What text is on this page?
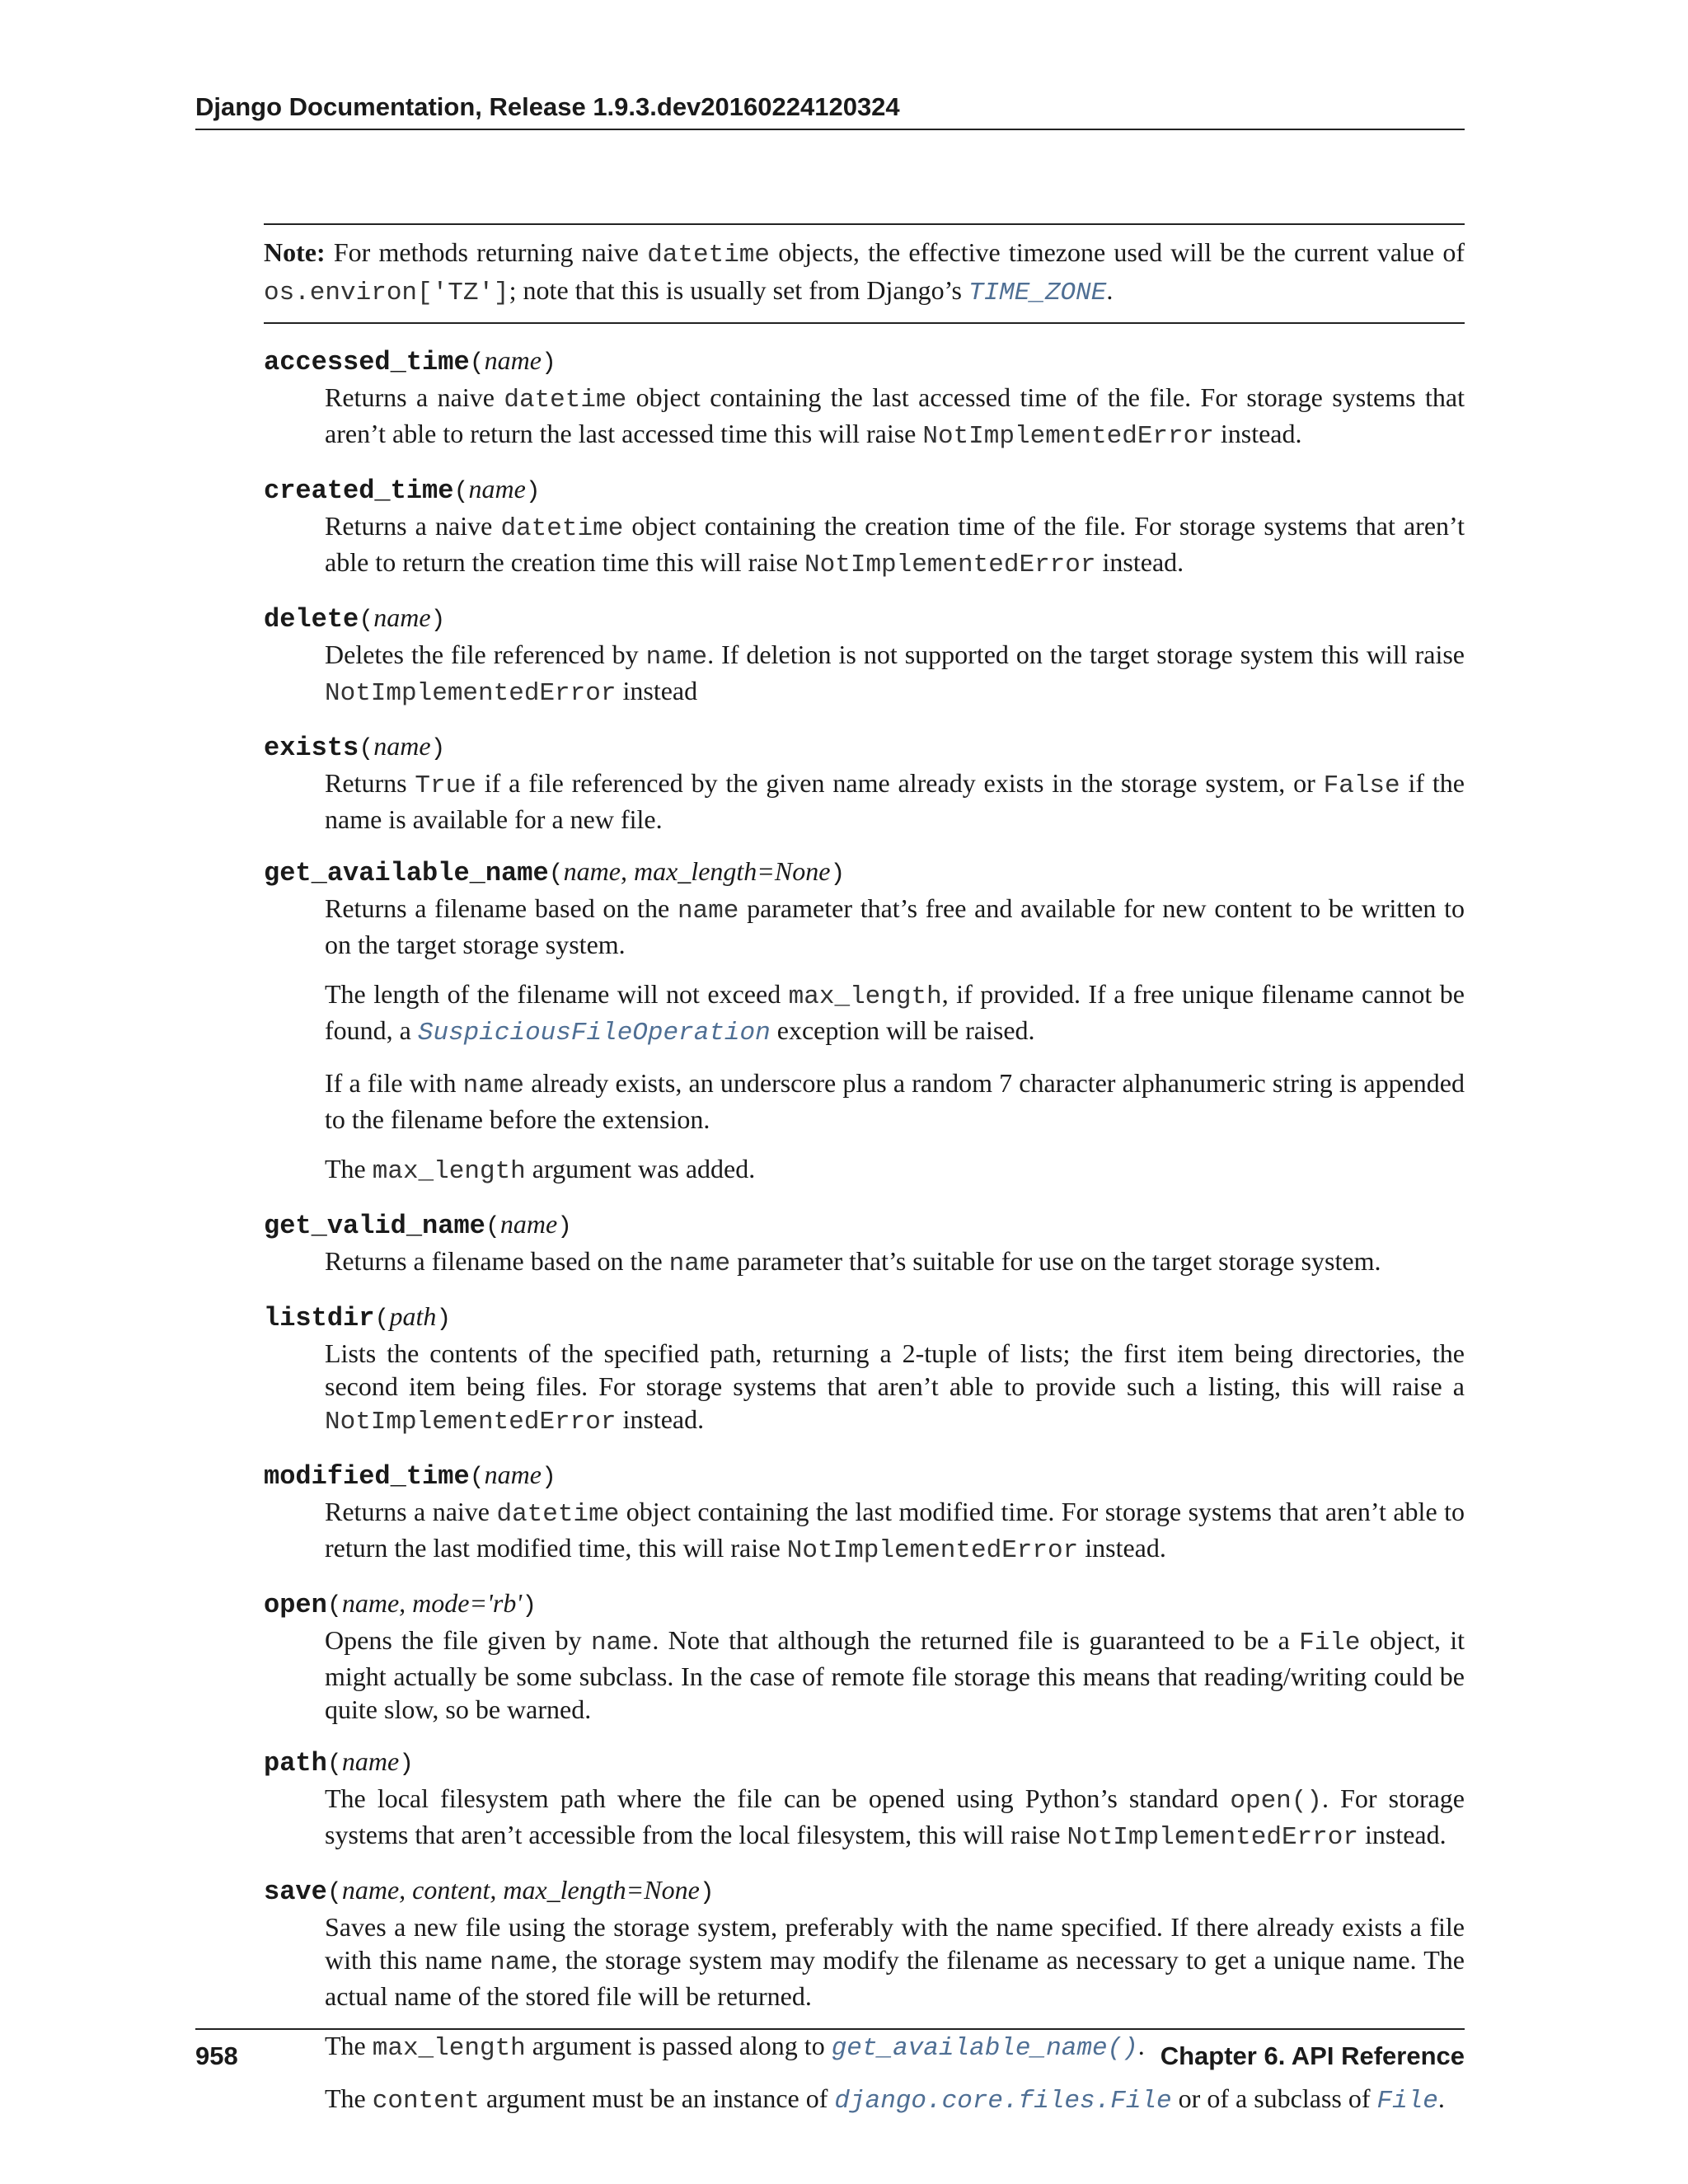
Django Documentation, Release 1.9.3.dev20160224120324
Note: For methods returning naive datetime objects, the effective timezone used will be the current value of os.environ['TZ']; note that this is usually set from Django’s TIME_ZONE.
accessed_time(name)

Returns a naive datetime object containing the last accessed time of the file. For storage systems that aren’t able to return the last accessed time this will raise NotImplementedError instead.

created_time(name)

Returns a naive datetime object containing the creation time of the file. For storage systems that aren’t able to return the creation time this will raise NotImplementedError instead.

delete(name)

Deletes the file referenced by name. If deletion is not supported on the target storage system this will raise NotImplementedError instead

exists(name)

Returns True if a file referenced by the given name already exists in the storage system, or False if the name is available for a new file.

get_available_name(name, max_length=None)

Returns a filename based on the name parameter that’s free and available for new content to be written to on the target storage system.

The length of the filename will not exceed max_length, if provided. If a free unique filename cannot be found, a SuspiciousFileOperation exception will be raised.

If a file with name already exists, an underscore plus a random 7 character alphanumeric string is appended to the filename before the extension.

The max_length argument was added.

get_valid_name(name)

Returns a filename based on the name parameter that’s suitable for use on the target storage system.

listdir(path)

Lists the contents of the specified path, returning a 2-tuple of lists; the first item being directories, the second item being files. For storage systems that aren’t able to provide such a listing, this will raise a NotImplementedError instead.

modified_time(name)

Returns a naive datetime object containing the last modified time. For storage systems that aren’t able to return the last modified time, this will raise NotImplementedError instead.

open(name, mode='rb')

Opens the file given by name. Note that although the returned file is guaranteed to be a File object, it might actually be some subclass. In the case of remote file storage this means that reading/writing could be quite slow, so be warned.

path(name)

The local filesystem path where the file can be opened using Python’s standard open(). For storage systems that aren’t accessible from the local filesystem, this will raise NotImplementedError instead.

save(name, content, max_length=None)

Saves a new file using the storage system, preferably with the name specified. If there already exists a file with this name name, the storage system may modify the filename as necessary to get a unique name. The actual name of the stored file will be returned.

The max_length argument is passed along to get_available_name().

The content argument must be an instance of django.core.files.File or of a subclass of File.

958	Chapter 6. API Reference
